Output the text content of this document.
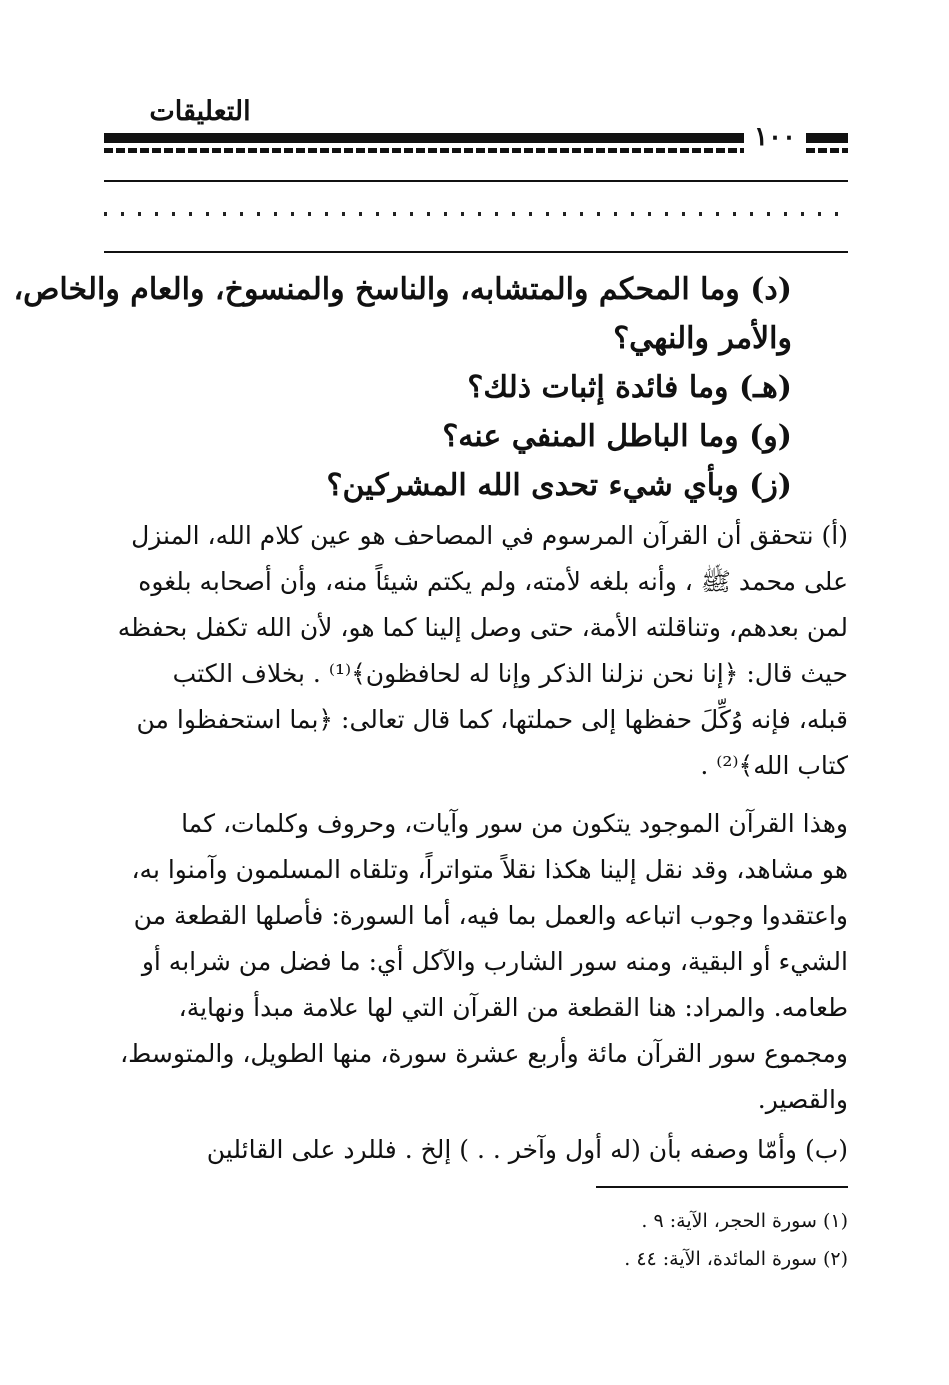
التعليقات
١٠٠
(د) وما المحكم والمتشابه، والناسخ والمنسوخ، والعام والخاص،
والأمر والنهي؟
(هـ) وما فائدة إثبات ذلك؟
(و) وما الباطل المنفي عنه؟
(ز) وبأي شيء تحدى الله المشركين؟
(أ) نتحقق أن القرآن المرسوم في المصاحف هو عين كلام الله، المنزل
على محمد ﷺ ، وأنه بلغه لأمته، ولم يكتم شيئاً منه، وأن أصحابه بلغوه
لمن بعدهم، وتناقلته الأمة، حتى وصل إلينا كما هو، لأن الله تكفل بحفظه
حيث قال: ﴿إنا نحن نزلنا الذكر وإنا له لحافظون﴾⁽¹⁾ . بخلاف الكتب
قبله، فإنه وُكِّلَ حفظها إلى حملتها، كما قال تعالى: ﴿بما استحفظوا من
كتاب الله﴾⁽²⁾ .
وهذا القرآن الموجود يتكون من سور وآيات، وحروف وكلمات، كما
هو مشاهد، وقد نقل إلينا هكذا نقلاً متواتراً، وتلقاه المسلمون وآمنوا به،
واعتقدوا وجوب اتباعه والعمل بما فيه، أما السورة: فأصلها القطعة من
الشيء أو البقية، ومنه سور الشارب والآكل أي: ما فضل من شرابه أو
طعامه. والمراد: هنا القطعة من القرآن التي لها علامة مبدأ ونهاية،
ومجموع سور القرآن مائة وأربع عشرة سورة، منها الطويل، والمتوسط،
والقصير.
(ب) وأمّا وصفه بأن (له أول وآخر . . ) إلخ . فللرد على القائلين
(١) سورة الحجر، الآية: ٩ .
(٢) سورة المائدة، الآية: ٤٤ .
